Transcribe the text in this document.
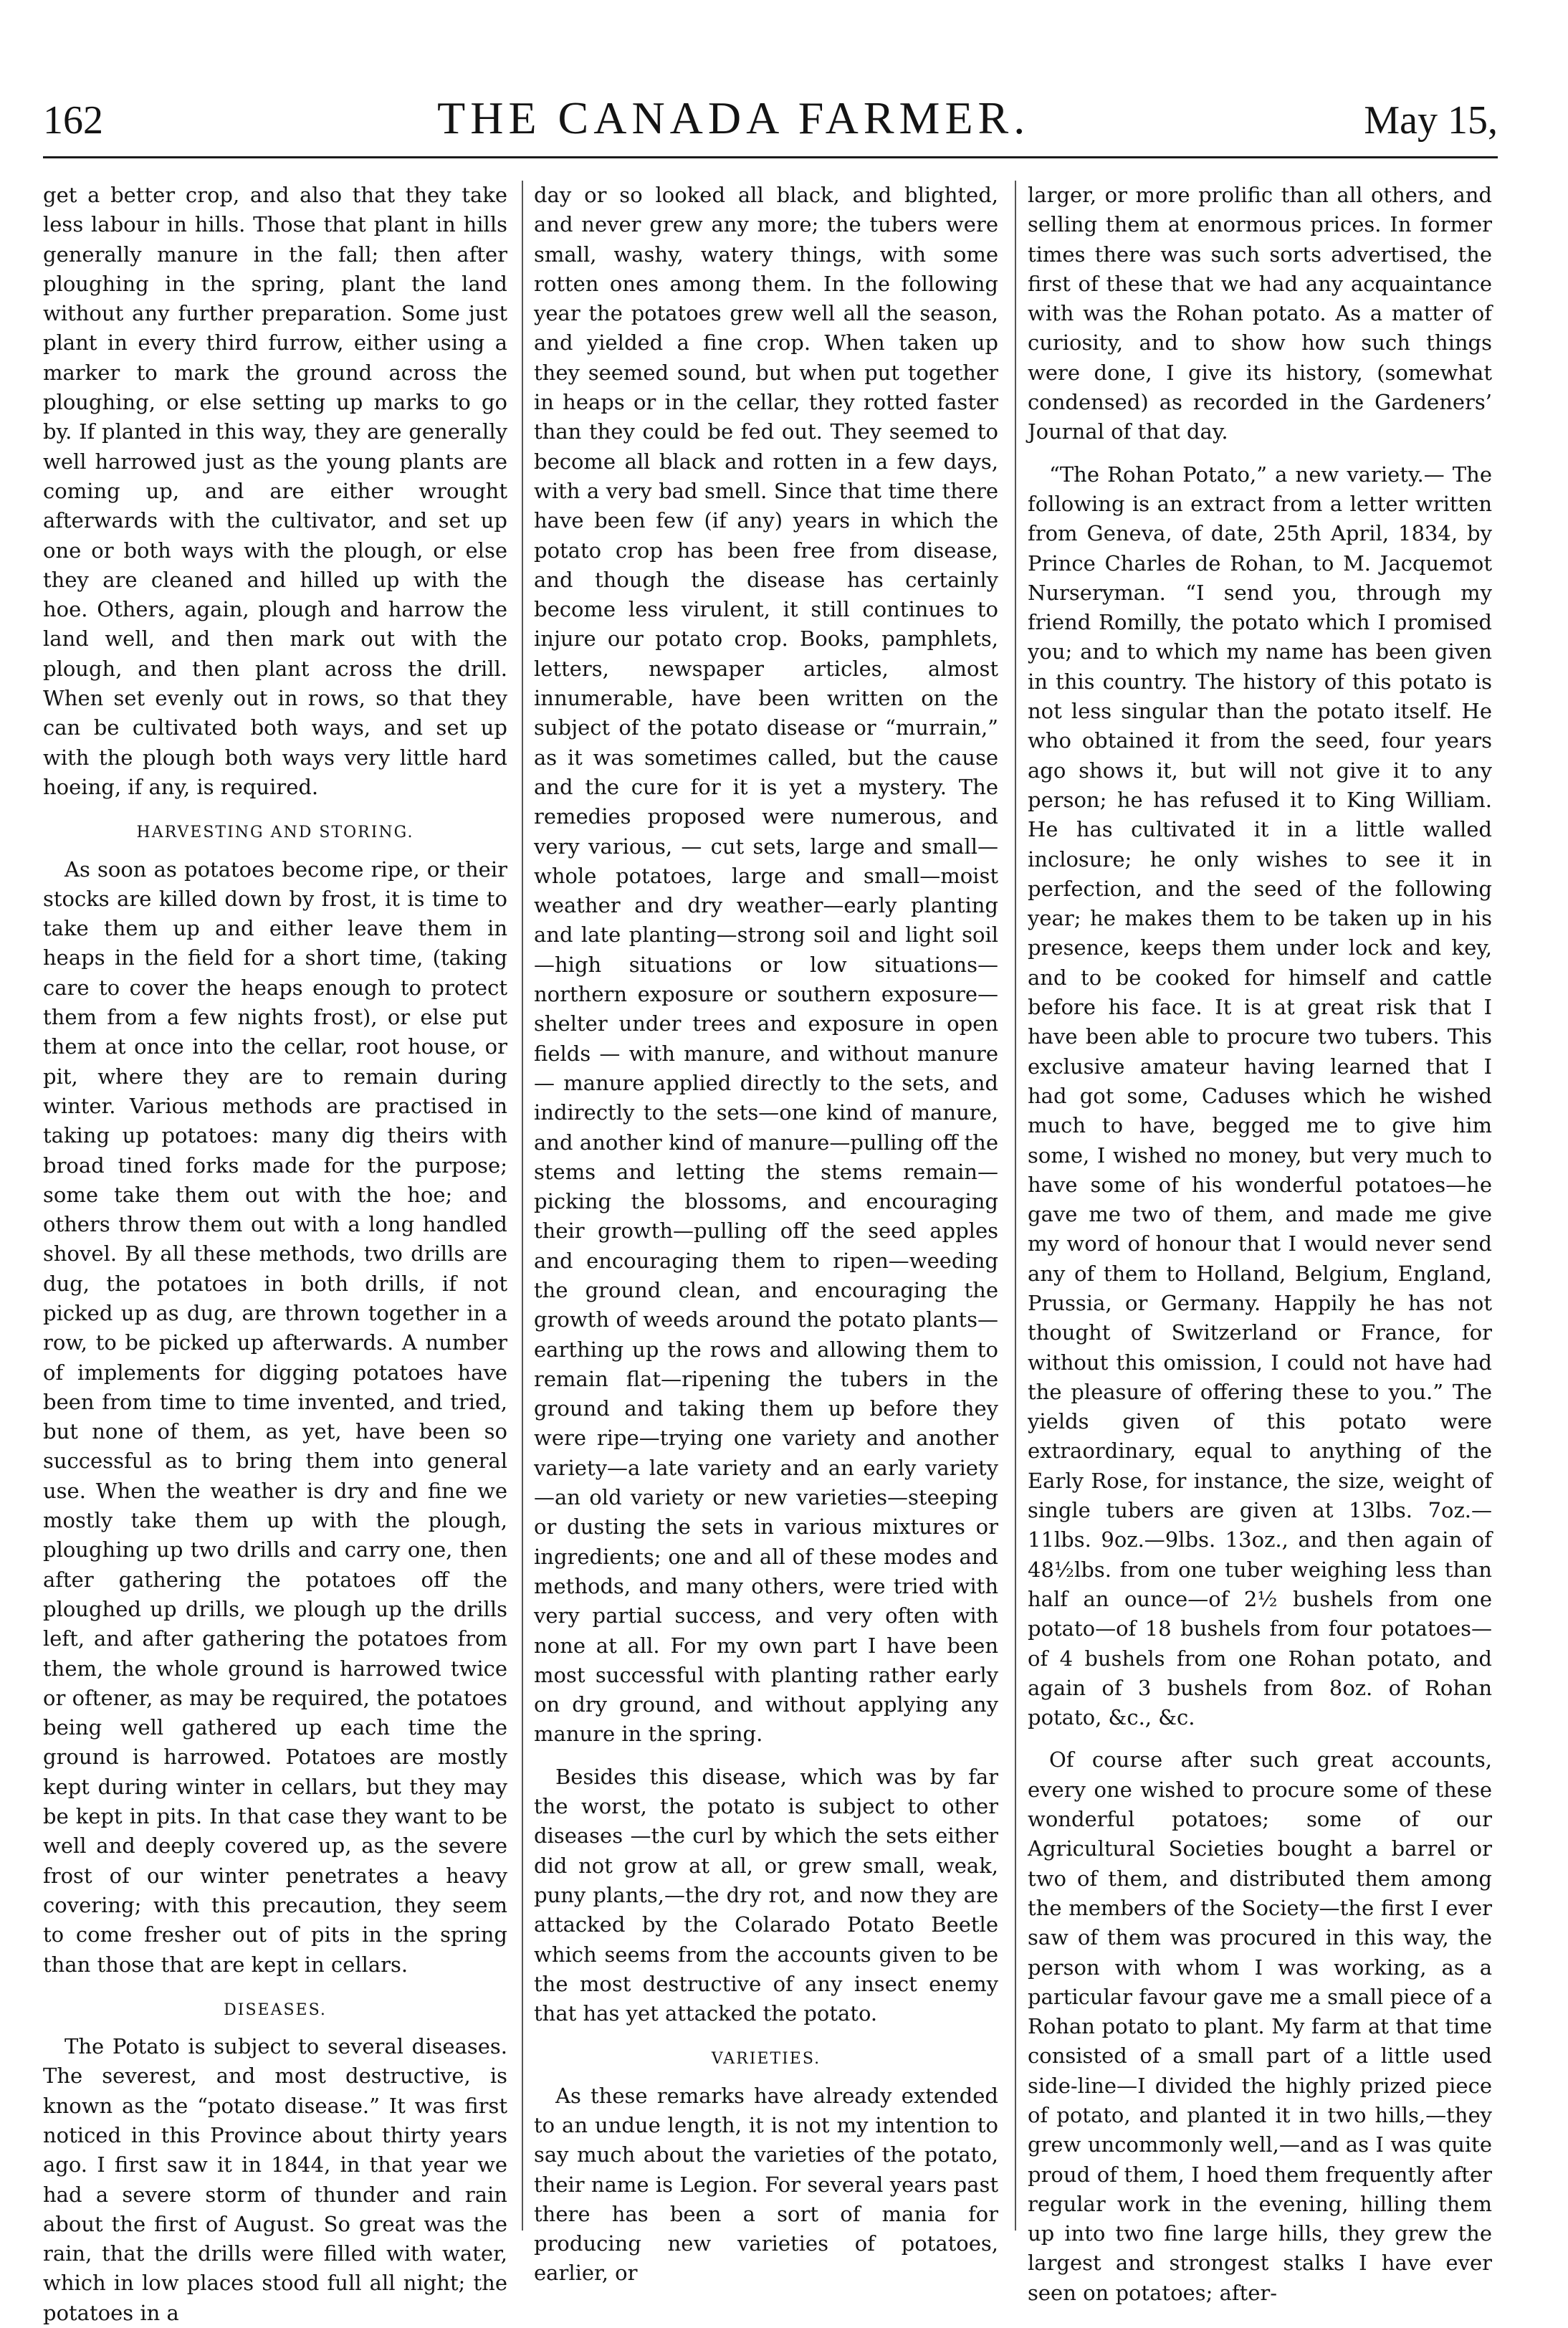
162	THE CANADA FARMER.	May 15,

get a better crop, and also that they take less labour in hills. Those that plant in hills generally manure in the fall; then after ploughing in the spring, plant the land without any further preparation. Some just plant in every third furrow, either using a marker to mark the ground across the ploughing, or else setting up marks to go by. If planted in this way, they are generally well harrowed just as the young plants are coming up, and are either wrought afterwards with the cultivator, and set up one or both ways with the plough, or else they are cleaned and hilled up with the hoe. Others, again, plough and harrow the land well, and then mark out with the plough, and then plant across the drill. When set evenly out in rows, so that they can be cultivated both ways, and set up with the plough both ways very little hard hoeing, if any, is required.

HARVESTING AND STORING.

As soon as potatoes become ripe, or their stocks are killed down by frost, it is time to take them up and either leave them in heaps in the field for a short time, (taking care to cover the heaps enough to protect them from a few nights frost), or else put them at once into the cellar, root house, or pit, where they are to remain during winter. Various methods are practised in taking up potatoes: many dig theirs with broad tined forks made for the purpose; some take them out with the hoe; and others throw them out with a long handled shovel. By all these methods, two drills are dug, the potatoes in both drills, if not picked up as dug, are thrown together in a row, to be picked up afterwards. A number of implements for digging potatoes have been from time to time invented, and tried, but none of them, as yet, have been so successful as to bring them into general use. When the weather is dry and fine we mostly take them up with the plough, ploughing up two drills and carry one, then after gathering the potatoes off the ploughed up drills, we plough up the drills left, and after gathering the potatoes from them, the whole ground is harrowed twice or oftener, as may be required, the potatoes being well gathered up each time the ground is harrowed. Potatoes are mostly kept during winter in cellars, but they may be kept in pits. In that case they want to be well and deeply covered up, as the severe frost of our winter penetrates a heavy covering; with this precaution, they seem to come fresher out of pits in the spring than those that are kept in cellars.

DISEASES.

The Potato is subject to several diseases. The severest, and most destructive, is known as the “potato disease.” It was first noticed in this Province about thirty years ago. I first saw it in 1844, in that year we had a severe storm of thunder and rain about the first of August. So great was the rain, that the drills were filled with water, which in low places stood full all night; the potatoes in a

day or so looked all black, and blighted, and never grew any more; the tubers were small, washy, watery things, with some rotten ones among them. In the following year the potatoes grew well all the season, and yielded a fine crop. When taken up they seemed sound, but when put together in heaps or in the cellar, they rotted faster than they could be fed out. They seemed to become all black and rotten in a few days, with a very bad smell. Since that time there have been few (if any) years in which the potato crop has been free from disease, and though the disease has certainly become less virulent, it still continues to injure our potato crop. Books, pamphlets, letters, newspaper articles, almost innumerable, have been written on the subject of the potato disease or “murrain,” as it was sometimes called, but the cause and the cure for it is yet a mystery. The remedies proposed were numerous, and very various, — cut sets, large and small—whole potatoes, large and small—moist weather and dry weather—early planting and late planting—strong soil and light soil—high situations or low situations—northern exposure or southern exposure—shelter under trees and exposure in open fields — with manure, and without manure — manure applied directly to the sets, and indirectly to the sets—one kind of manure, and another kind of manure—pulling off the stems and letting the stems remain—picking the blossoms, and encouraging their growth—pulling off the seed apples and encouraging them to ripen—weeding the ground clean, and encouraging the growth of weeds around the potato plants—earthing up the rows and allowing them to remain flat—ripening the tubers in the ground and taking them up before they were ripe—trying one variety and another variety—a late variety and an early variety—an old variety or new varieties—steeping or dusting the sets in various mixtures or ingredients; one and all of these modes and methods, and many others, were tried with very partial success, and very often with none at all. For my own part I have been most successful with planting rather early on dry ground, and without applying any manure in the spring.

Besides this disease, which was by far the worst, the potato is subject to other diseases —the curl by which the sets either did not grow at all, or grew small, weak, puny plants,—the dry rot, and now they are attacked by the Colarado Potato Beetle which seems from the accounts given to be the most destructive of any insect enemy that has yet attacked the potato.

VARIETIES.

As these remarks have already extended to an undue length, it is not my intention to say much about the varieties of the potato, their name is Legion. For several years past there has been a sort of mania for producing new varieties of potatoes, earlier, or

larger, or more prolific than all others, and selling them at enormous prices. In former times there was such sorts advertised, the first of these that we had any acquaintance with was the Rohan potato. As a matter of curiosity, and to show how such things were done, I give its history, (somewhat condensed) as recorded in the Gardeners’ Journal of that day.

“The Rohan Potato,” a new variety.— The following is an extract from a letter written from Geneva, of date, 25th April, 1834, by Prince Charles de Rohan, to M. Jacquemot Nurseryman. “I send you, through my friend Romilly, the potato which I promised you; and to which my name has been given in this country. The history of this potato is not less singular than the potato itself. He who obtained it from the seed, four years ago shows it, but will not give it to any person; he has refused it to King William. He has cultivated it in a little walled inclosure; he only wishes to see it in perfection, and the seed of the following year; he makes them to be taken up in his presence, keeps them under lock and key, and to be cooked for himself and cattle before his face. It is at great risk that I have been able to procure two tubers. This exclusive amateur having learned that I had got some, Caduses which he wished much to have, begged me to give him some, I wished no money, but very much to have some of his wonderful potatoes—he gave me two of them, and made me give my word of honour that I would never send any of them to Holland, Belgium, England, Prussia, or Germany. Happily he has not thought of Switzerland or France, for without this omission, I could not have had the pleasure of offering these to you.” The yields given of this potato were extraordinary, equal to anything of the Early Rose, for instance, the size, weight of single tubers are given at 13lbs. 7oz.—11lbs. 9oz.—9lbs. 13oz., and then again of 48½lbs. from one tuber weighing less than half an ounce—of 2½ bushels from one potato—of 18 bushels from four potatoes—of 4 bushels from one Rohan potato, and again of 3 bushels from 8oz. of Rohan potato, &c., &c.

Of course after such great accounts, every one wished to procure some of these wonderful potatoes; some of our Agricultural Societies bought a barrel or two of them, and distributed them among the members of the Society—the first I ever saw of them was procured in this way, the person with whom I was working, as a particular favour gave me a small piece of a Rohan potato to plant. My farm at that time consisted of a small part of a little used side-line—I divided the highly prized piece of potato, and planted it in two hills,—they grew uncommonly well,—and as I was quite proud of them, I hoed them frequently after regular work in the evening, hilling them up into two fine large hills, they grew the largest and strongest stalks I have ever seen on potatoes; after-
